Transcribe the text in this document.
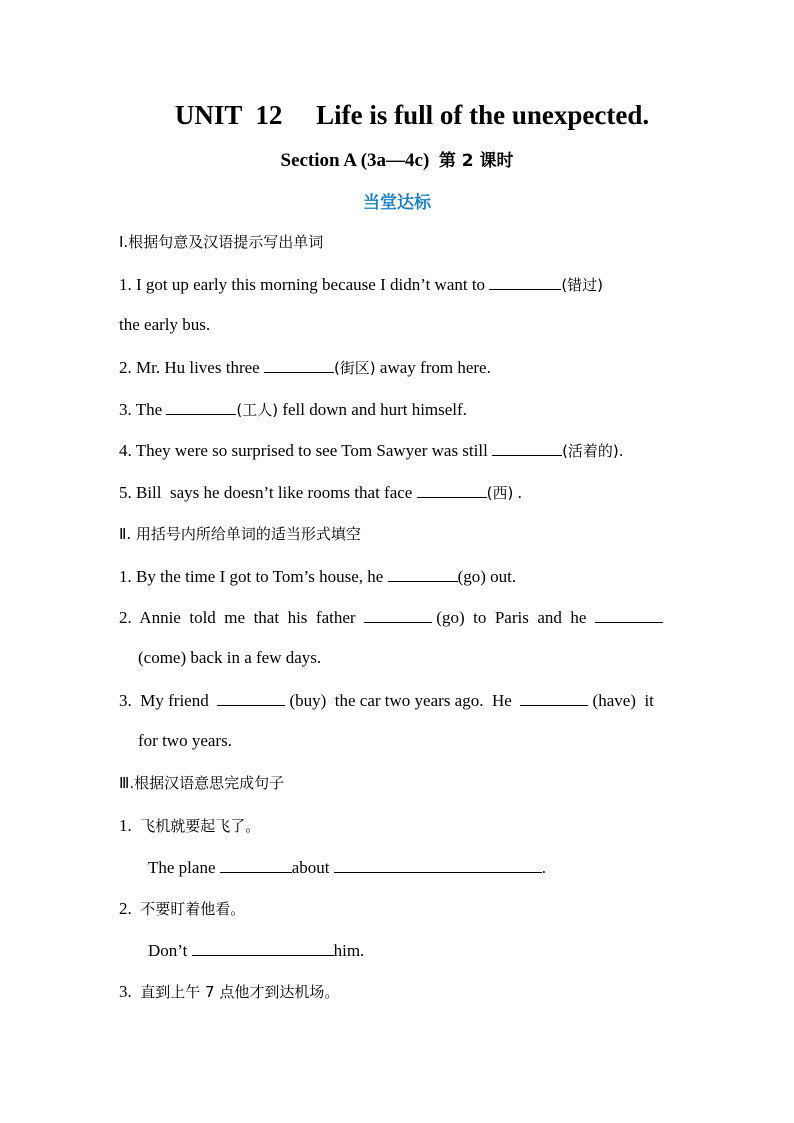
UNIT  12     Life is full of the unexpected.
Section A (3a—4c)  第 2 课时
当堂达标
Ⅰ.根据句意及汉语提示写出单词
1. I got up early this morning because I didn’t want to	(错过)
the early bus.
2. Mr. Hu lives three	(街区) away from here.
3. The	(工人) fell down and hurt himself.
4. They were so surprised to see Tom Sawyer was still	(活着的).
5. Bill  says he doesn’t like rooms that face	(西) .
Ⅱ. 用括号内所给单词的适当形式填空
1. By the time I got to Tom’s house, he	(go) out.
2.  Annie  told  me  that  his  father	(go)  to  Paris  and  he
(come) back in a few days.
3.  My friend	(buy)  the car two years ago.  He	(have)  it
for two years.
Ⅲ.根据汉语意思完成句子
1.  飞机就要起飞了。
The plane	about	.
2.  不要盯着他看。
Don’t	him.
3.  直到上午 7 点他才到达机场。
